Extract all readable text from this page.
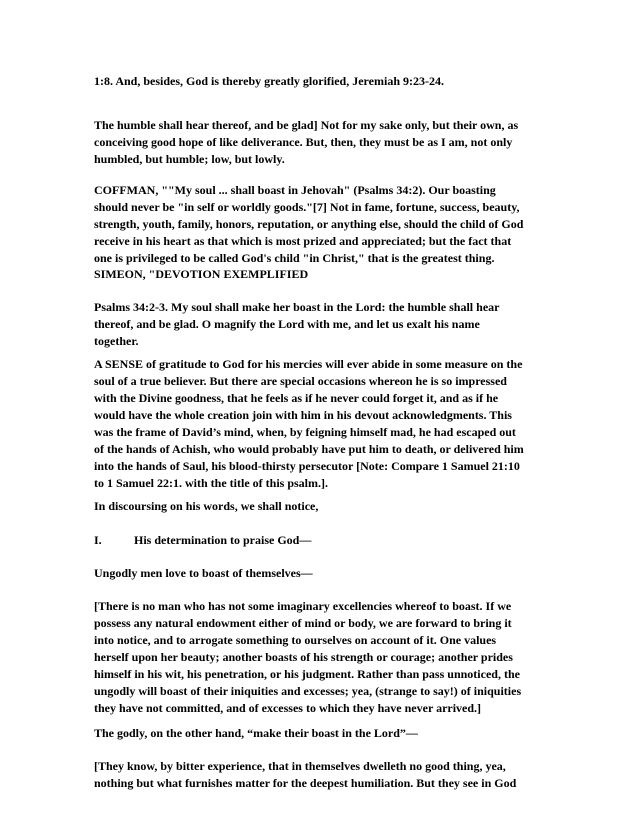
1:8. And, besides, God is thereby greatly glorified, Jeremiah 9:23-24.

The humble shall hear thereof, and be glad] Not for my sake only, but their own, as
conceiving good hope of like deliverance. But, then, they must be as I am, not only
humbled, but humble; low, but lowly.

COFFMAN, ""My soul ... shall boast in Jehovah" (Psalms 34:2). Our boasting
should never be "in self or worldly goods."[7] Not in fame, fortune, success, beauty,
strength, youth, family, honors, reputation, or anything else, should the child of God
receive in his heart as that which is most prized and appreciated; but the fact that
one is privileged to be called God's child "in Christ," that is the greatest thing.

SIMEON, "DEVOTION EXEMPLIFIED

Psalms 34:2-3. My soul shall make her boast in the Lord: the humble shall hear
thereof, and be glad. O magnify the Lord with me, and let us exalt his name
together.

A SENSE of gratitude to God for his mercies will ever abide in some measure on the
soul of a true believer. But there are special occasions whereon he is so impressed
with the Divine goodness, that he feels as if he never could forget it, and as if he
would have the whole creation join with him in his devout acknowledgments. This
was the frame of David’s mind, when, by feigning himself mad, he had escaped out
of the hands of Achish, who would probably have put him to death, or delivered him
into the hands of Saul, his blood-thirsty persecutor [Note: Compare 1 Samuel 21:10
to 1 Samuel 22:1. with the title of this psalm.].

In discoursing on his words, we shall notice,

I.	His determination to praise God—

Ungodly men love to boast of themselves—

[There is no man who has not some imaginary excellencies whereof to boast. If we
possess any natural endowment either of mind or body, we are forward to bring it
into notice, and to arrogate something to ourselves on account of it. One values
herself upon her beauty; another boasts of his strength or courage; another prides
himself in his wit, his penetration, or his judgment. Rather than pass unnoticed, the
ungodly will boast of their iniquities and excesses; yea, (strange to say!) of iniquities
they have not committed, and of excesses to which they have never arrived.]

The godly, on the other hand, “make their boast in the Lord”—

[They know, by bitter experience, that in themselves dwelleth no good thing, yea,
nothing but what furnishes matter for the deepest humiliation. But they see in God
